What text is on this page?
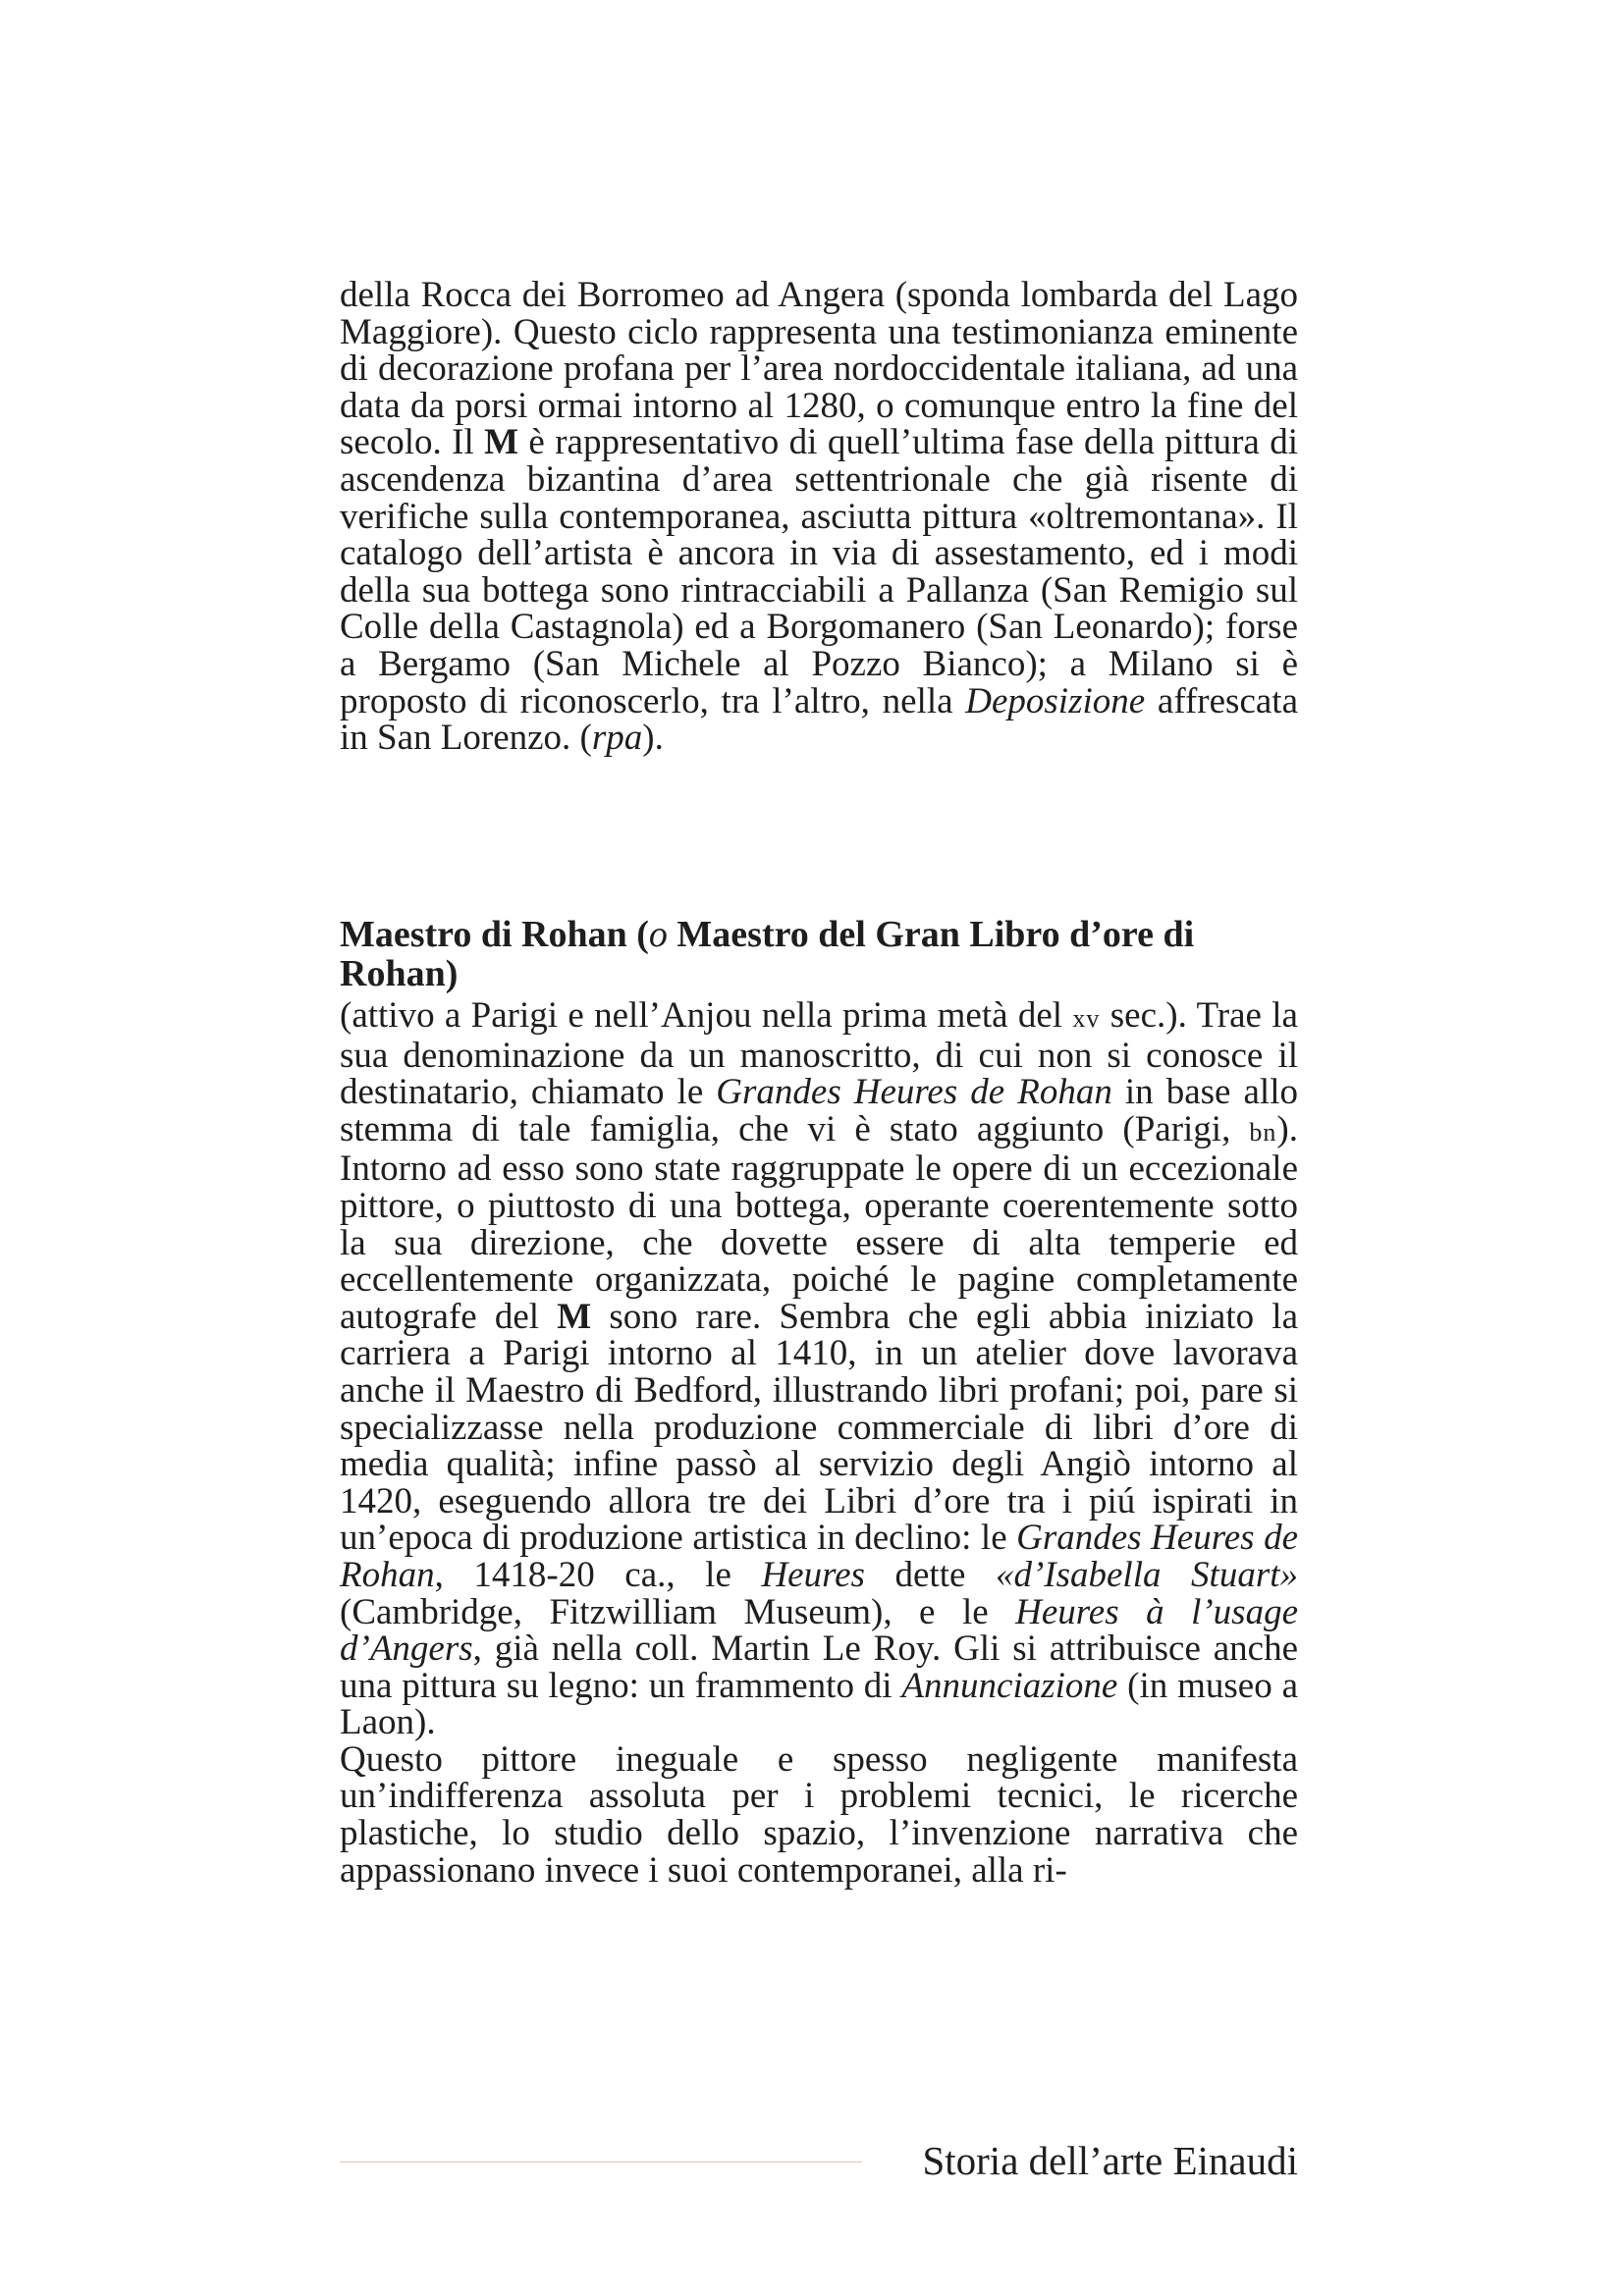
della Rocca dei Borromeo ad Angera (sponda lombarda del Lago Maggiore). Questo ciclo rappresenta una testimonianza eminente di decorazione profana per l’area nordoccidentale italiana, ad una data da porsi ormai intorno al 1280, o comunque entro la fine del secolo. Il M è rappresentativo di quell’ultima fase della pittura di ascendenza bizantina d’area settentrionale che già risente di verifiche sulla contemporanea, asciutta pittura «oltremontana». Il catalogo dell’artista è ancora in via di assestamento, ed i modi della sua bottega sono rintracciabili a Pallanza (San Remigio sul Colle della Castagnola) ed a Borgomanero (San Leonardo); forse a Bergamo (San Michele al Pozzo Bianco); a Milano si è proposto di riconoscerlo, tra l’altro, nella Deposizione affrescata in San Lorenzo. (rpa).

Maestro di Rohan (o Maestro del Gran Libro d’ore di Rohan)

(attivo a Parigi e nell’Anjou nella prima metà del xv sec.). Trae la sua denominazione da un manoscritto, di cui non si conosce il destinatario, chiamato le Grandes Heures de Rohan in base allo stemma di tale famiglia, che vi è stato aggiunto (Parigi, bn). Intorno ad esso sono state raggruppate le opere di un eccezionale pittore, o piuttosto di una bottega, operante coerentemente sotto la sua direzione, che dovette essere di alta temperie ed eccellentemente organizzata, poiché le pagine completamente autografe del M sono rare. Sembra che egli abbia iniziato la carriera a Parigi intorno al 1410, in un atelier dove lavorava anche il Maestro di Bedford, illustrando libri profani; poi, pare si specializzasse nella produzione commerciale di libri d’ore di media qualità; infine passò al servizio degli Angiò intorno al 1420, eseguendo allora tre dei Libri d’ore tra i piú ispirati in un’epoca di produzione artistica in declino: le Grandes Heures de Rohan, 1418-20 ca., le Heures dette «d’Isabella Stuart» (Cambridge, Fitzwilliam Museum), e le Heures à l’usage d’Angers, già nella coll. Martin Le Roy. Gli si attribuisce anche una pittura su legno: un frammento di Annunciazione (in museo a Laon).

Questo pittore ineguale e spesso negligente manifesta un’indifferenza assoluta per i problemi tecnici, le ricerche plastiche, lo studio dello spazio, l’invenzione narrativa che appassionano invece i suoi contemporanei, alla ri-

Storia dell’arte Einaudi
